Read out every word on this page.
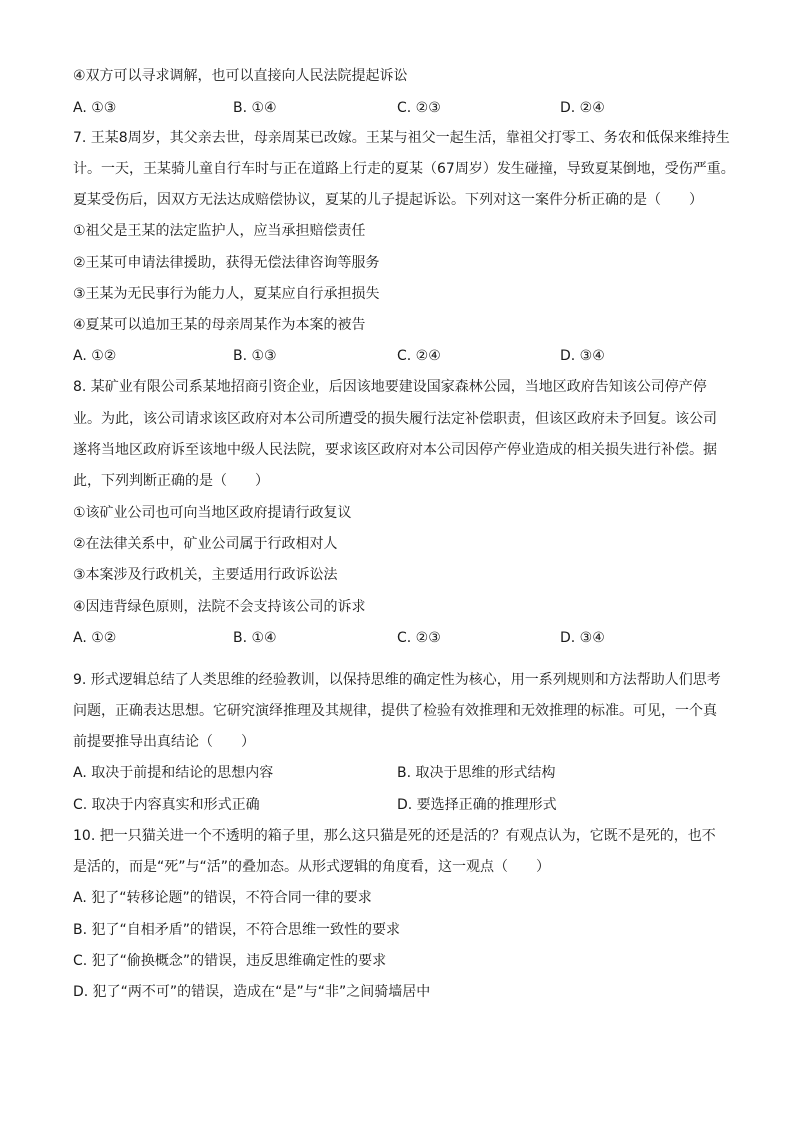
④双方可以寻求调解，也可以直接向人民法院提起诉讼
A. ①③	B. ①④	C. ②③	D. ②④
7. 王某8周岁，其父亲去世，母亲周某已改嫁。王某与祖父一起生活，靠祖父打零工、务农和低保来维持生
计。一天，王某骑儿童自行车时与正在道路上行走的夏某（67周岁）发生碰撞，导致夏某倒地，受伤严重。
夏某受伤后，因双方无法达成赔偿协议，夏某的儿子提起诉讼。下列对这一案件分析正确的是（　　）
①祖父是王某的法定监护人，应当承担赔偿责任
②王某可申请法律援助，获得无偿法律咨询等服务
③王某为无民事行为能力人，夏某应自行承担损失
④夏某可以追加王某的母亲周某作为本案的被告
A. ①②	B. ①③	C. ②④	D. ③④
8. 某矿业有限公司系某地招商引资企业，后因该地要建设国家森林公园，当地区政府告知该公司停产停
业。为此，该公司请求该区政府对本公司所遭受的损失履行法定补偿职责，但该区政府未予回复。该公司
遂将当地区政府诉至该地中级人民法院，要求该区政府对本公司因停产停业造成的相关损失进行补偿。据
此，下列判断正确的是（　　）
①该矿业公司也可向当地区政府提请行政复议
②在法律关系中，矿业公司属于行政相对人
③本案涉及行政机关，主要适用行政诉讼法
④因违背绿色原则，法院不会支持该公司的诉求
A. ①②	B. ①④	C. ②③	D. ③④
9. 形式逻辑总结了人类思维的经验教训，以保持思维的确定性为核心，用一系列规则和方法帮助人们思考
问题，正确表达思想。它研究演绎推理及其规律，提供了检验有效推理和无效推理的标准。可见，一个真
前提要推导出真结论（　　）
A. 取决于前提和结论的思想内容	B. 取决于思维的形式结构
C. 取决于内容真实和形式正确	D. 要选择正确的推理形式
10. 把一只猫关进一个不透明的箱子里，那么这只猫是死的还是活的？有观点认为，它既不是死的，也不
是活的，而是“死”与“活”的叠加态。从形式逻辑的角度看，这一观点（　　）
A. 犯了“转移论题”的错误，不符合同一律的要求
B. 犯了“自相矛盾”的错误，不符合思维一致性的要求
C. 犯了“偷换概念”的错误，违反思维确定性的要求
D. 犯了“两不可”的错误，造成在“是”与“非”之间骑墙居中
